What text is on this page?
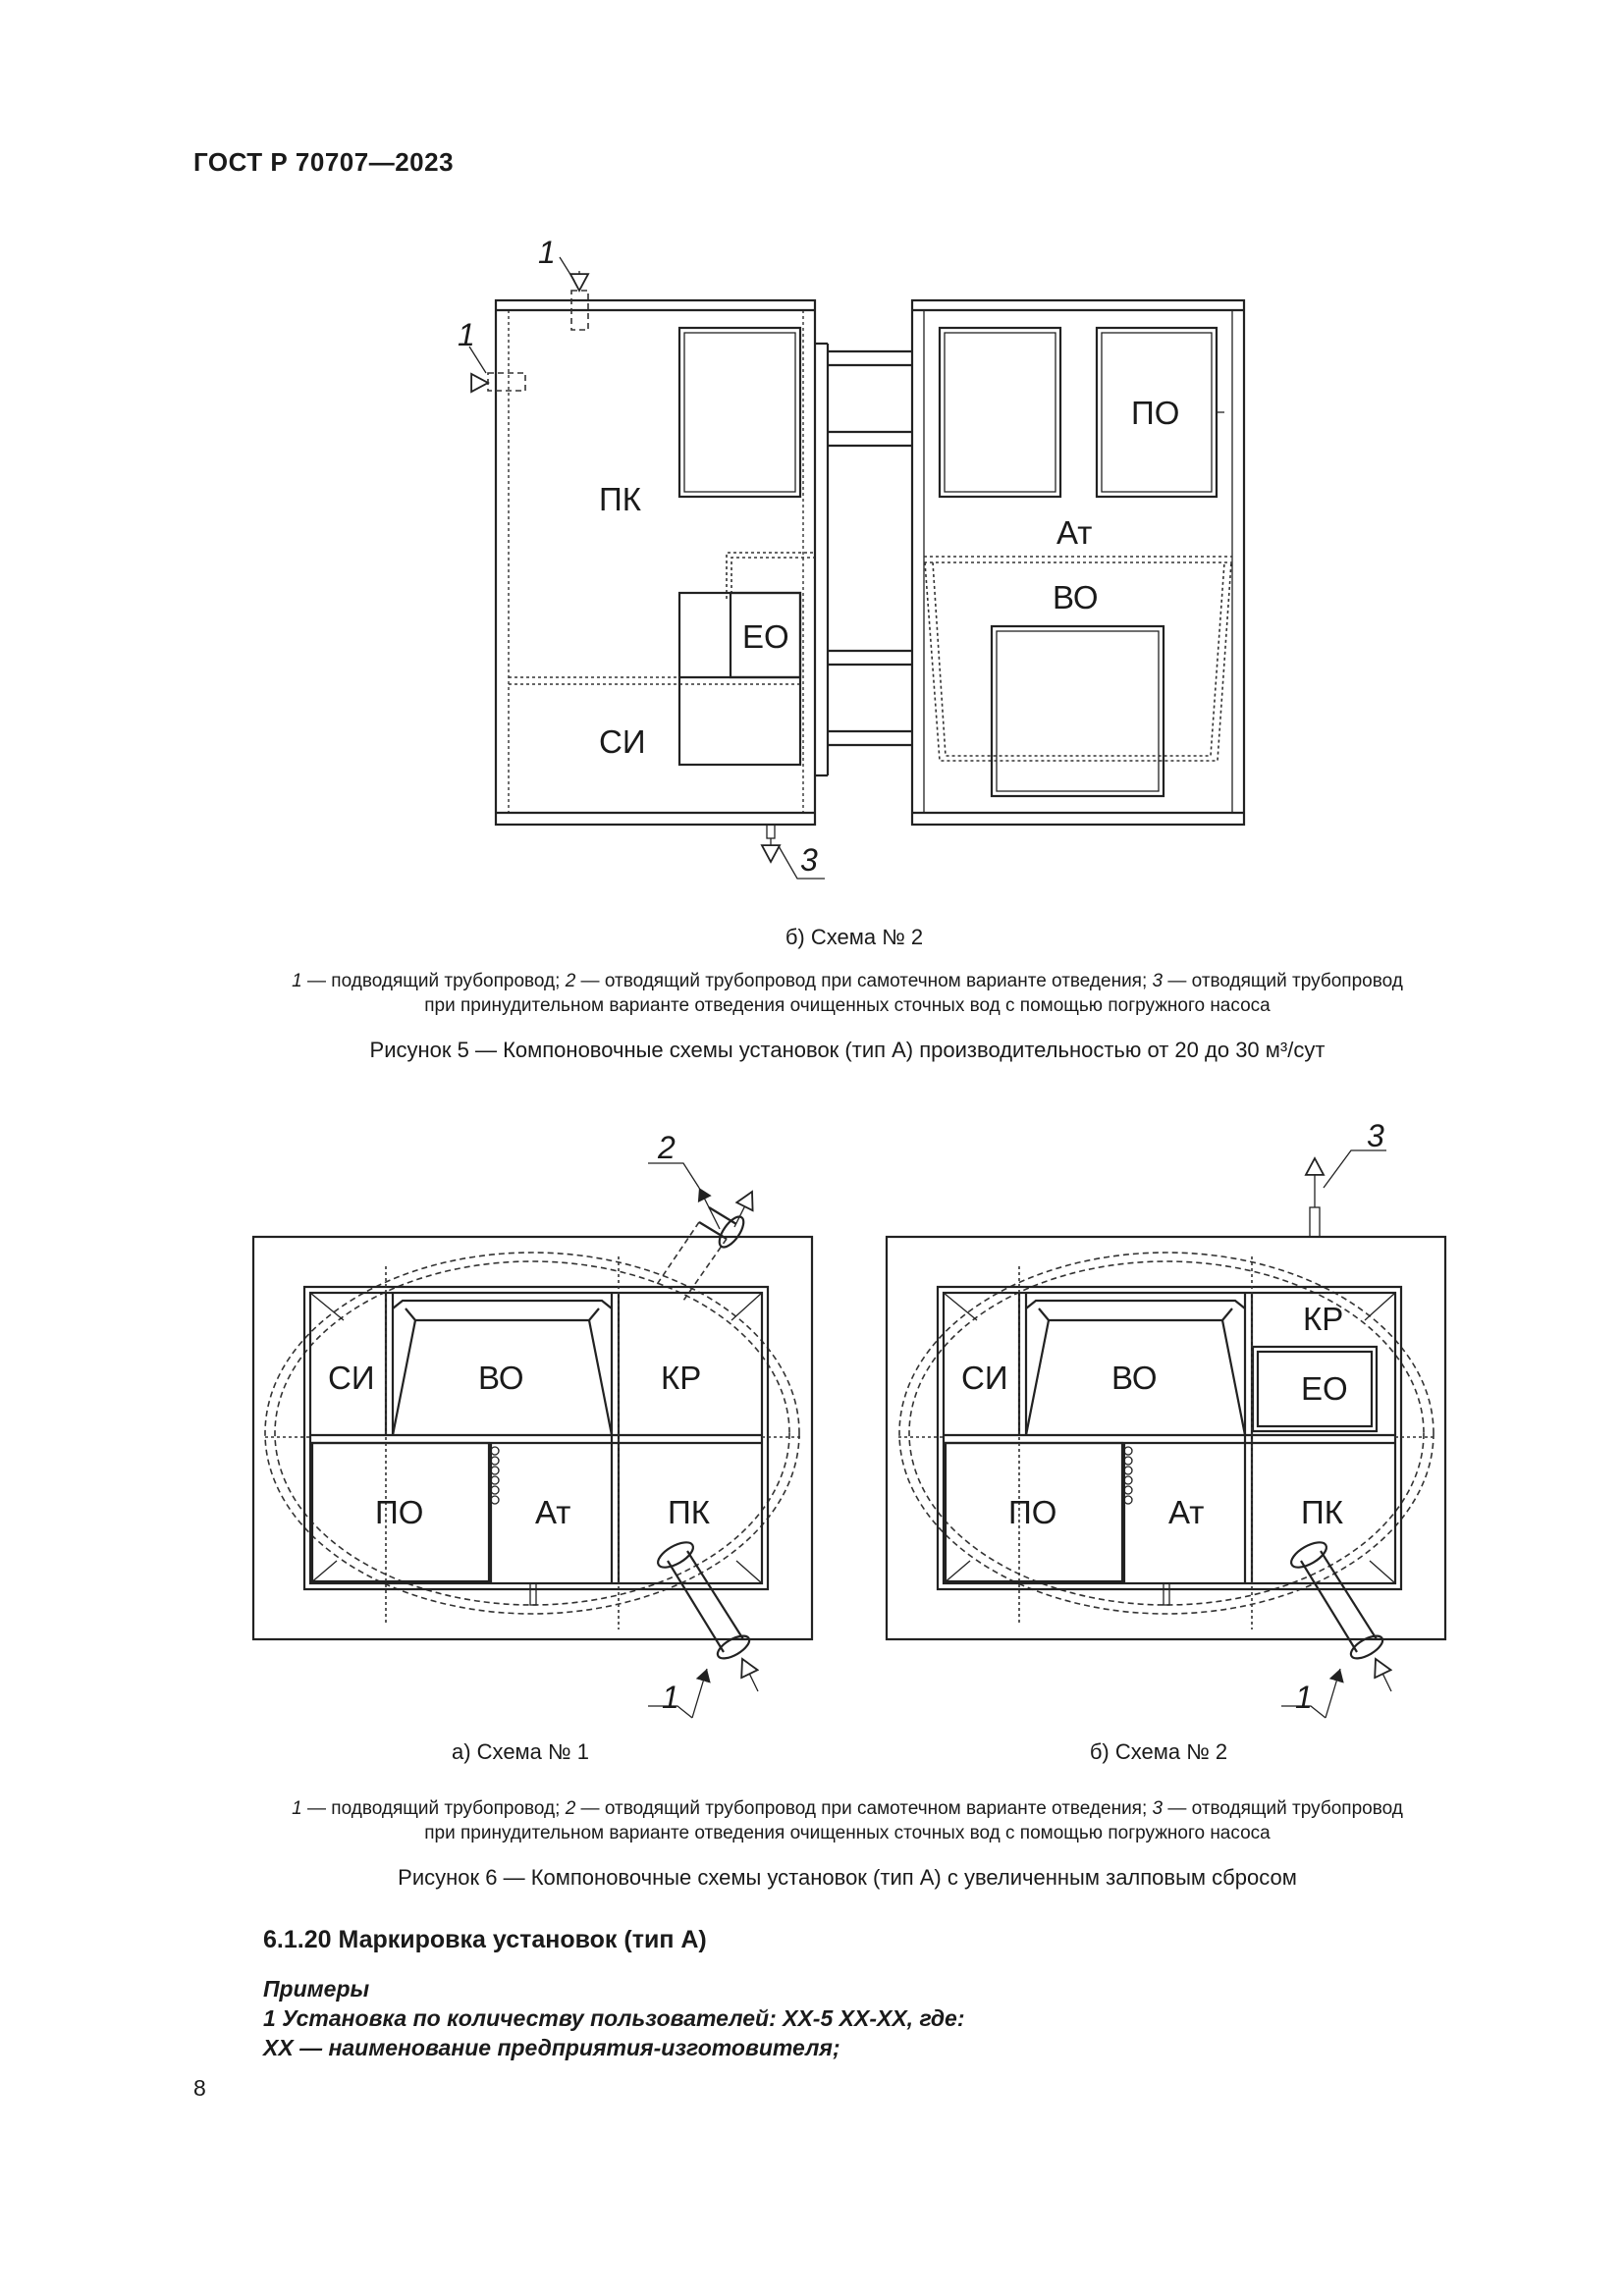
ГОСТ Р 70707—2023
ПК
СИ
ЕО
ПО
Ат
ВО
1
1
3
СИ	ВО	КР
ПО	Ат	ПК
2
1
СИ	ВО
КР
ЕО
ПО	Ат	ПК
3
1
б) Схема № 2
1 — подводящий трубопровод; 2 — отводящий трубопровод при самотечном варианте отведения; 3 — отводящий трубопровод
при принудительном варианте отведения очищенных сточных вод с помощью погружного насоса
Рисунок 5 — Компоновочные схемы установок (тип А) производительностью от 20 до 30 м³/сут
а) Схема № 1	б) Схема № 2
1 — подводящий трубопровод; 2 — отводящий трубопровод при самотечном варианте отведения; 3 — отводящий трубопровод
при принудительном варианте отведения очищенных сточных вод с помощью погружного насоса
Рисунок 6 — Компоновочные схемы установок (тип А) с увеличенным залповым сбросом
6.1.20 Маркировка установок (тип А)
Примеры
1 Установка по количеству пользователей: ХХ-5 ХХ-ХХ, где:
ХХ — наименование предприятия-изготовителя;
8
